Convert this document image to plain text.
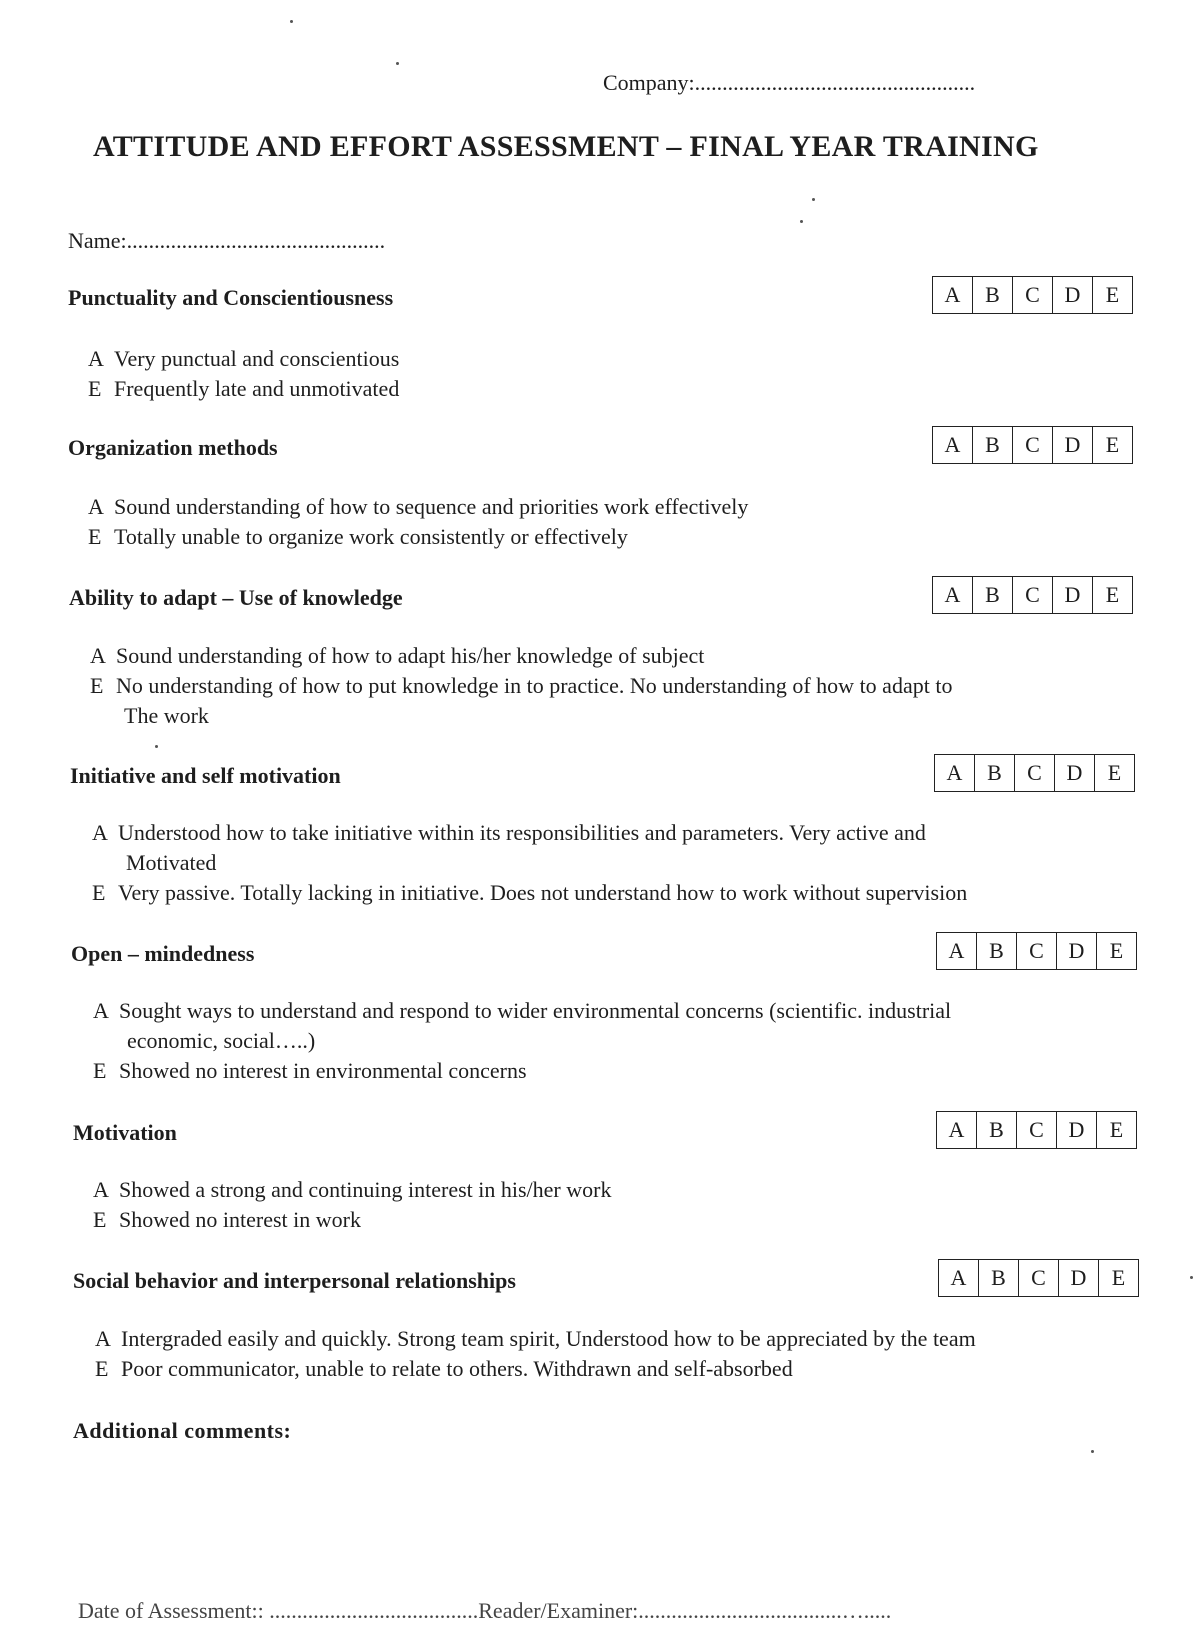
Company:...................................................
ATTITUDE AND EFFORT ASSESSMENT – FINAL YEAR TRAINING
Name:...............................................
Punctuality and Conscientiousness	A	B	C	D	E
A Very punctual and conscientious
E Frequently late and unmotivated
Organization methods	A	B	C	D	E
A Sound understanding of how to sequence and priorities work effectively
E Totally unable to organize work consistently or effectively
Ability to adapt – Use of knowledge	A	B	C	D	E
A Sound understanding of how to adapt his/her knowledge of subject
E No understanding of how to put knowledge in to practice. No understanding of how to adapt to
The work
Initiative and self motivation	A	B	C	D	E
A Understood how to take initiative within its responsibilities and parameters. Very active and
Motivated
E Very passive. Totally lacking in initiative. Does not understand how to work without supervision
Open – mindedness	A	B	C	D	E
A Sought ways to understand and respond to wider environmental concerns (scientific. industrial
economic, social…..)
E Showed no interest in environmental concerns
Motivation	A	B	C	D	E
A Showed a strong and continuing interest in his/her work
E Showed no interest in work
Social behavior and interpersonal relationships	A	B	C	D	E
A Intergraded easily and quickly. Strong team spirit, Understood how to be appreciated by the team
E Poor communicator, unable to relate to others. Withdrawn and self-absorbed
Additional comments:
Date of Assessment:: ......................................Reader/Examiner:.....................................….....
